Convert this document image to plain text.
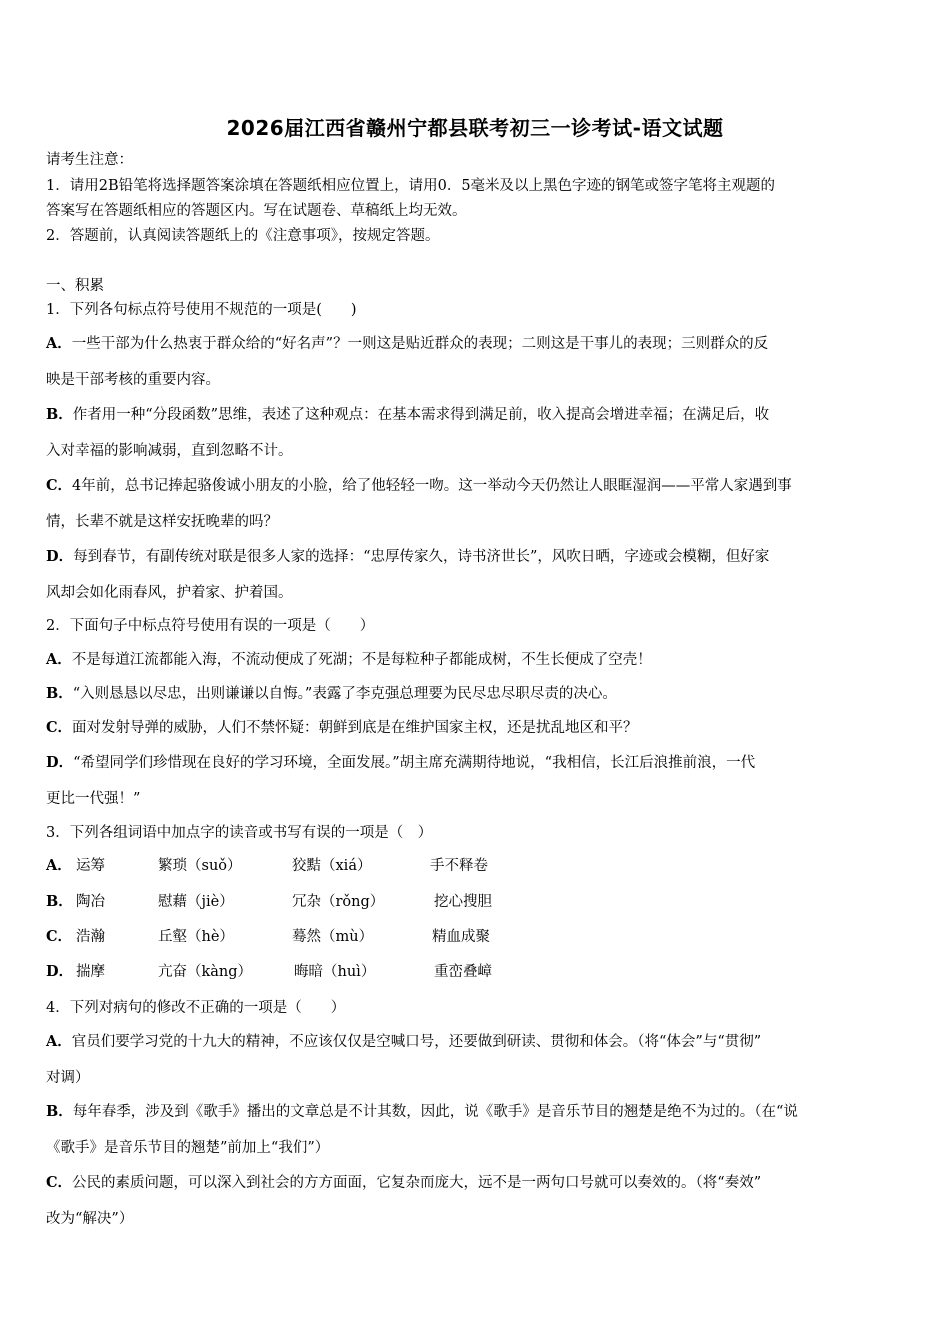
2026届江西省赣州宁都县联考初三一诊考试-语文试题
请考生注意：
1．请用2B铅笔将选择题答案涂填在答题纸相应位置上，请用0．5毫米及以上黑色字迹的钢笔或签字笔将主观题的
答案写在答题纸相应的答题区内。写在试题卷、草稿纸上均无效。
2．答题前，认真阅读答题纸上的《注意事项》，按规定答题。
一、积累
1．下列各句标点符号使用不规范的一项是(　　)
A．一些干部为什么热衷于群众给的“好名声”？一则这是贴近群众的表现；二则这是干事儿的表现；三则群众的反
映是干部考核的重要内容。
B．作者用一种“分段函数”思维，表述了这种观点：在基本需求得到满足前，收入提高会增进幸福；在满足后，收
入对幸福的影响减弱，直到忽略不计。
C．4年前，总书记捧起骆俊诚小朋友的小脸，给了他轻轻一吻。这一举动今天仍然让人眼眶湿润——平常人家遇到事
情，长辈不就是这样安抚晚辈的吗？
D．每到春节，有副传统对联是很多人家的选择：“忠厚传家久，诗书济世长”，风吹日晒，字迹或会模糊，但好家
风却会如化雨春风，护着家、护着国。
2．下面句子中标点符号使用有误的一项是（　　）
A．不是每道江流都能入海，不流动便成了死湖；不是每粒种子都能成树，不生长便成了空壳！
B．“入则恳恳以尽忠，出则谦谦以自悔。”表露了李克强总理要为民尽忠尽职尽责的决心。
C．面对发射导弹的威胁，人们不禁怀疑：朝鲜到底是在维护国家主权，还是扰乱地区和平？
D．“希望同学们珍惜现在良好的学习环境，全面发展。”胡主席充满期待地说，“我相信，长江后浪推前浪，一代
更比一代强！”
3．下列各组词语中加点字的读音或书写有误的一项是（　）
A． 运筹	繁琐（suǒ）	狡黠（xiá）	手不释卷
B． 陶冶	慰藉（jiè）	冗杂（rǒng）	挖心搜胆
C． 浩瀚	丘壑（hè）	蓦然（mù）	精血成聚
D． 揣摩	亢奋（kàng）	晦暗（huì）	重峦叠嶂
4．下列对病句的修改不正确的一项是（　　）
A．官员们要学习党的十九大的精神，不应该仅仅是空喊口号，还要做到研读、贯彻和体会。（将“体会”与“贯彻”
对调）
B．每年春季，涉及到《歌手》播出的文章总是不计其数，因此，说《歌手》是音乐节目的翘楚是绝不为过的。（在“说
《歌手》是音乐节目的翘楚”前加上“我们”）
C．公民的素质问题，可以深入到社会的方方面面，它复杂而庞大，远不是一两句口号就可以奏效的。（将“奏效”
改为“解决”）
